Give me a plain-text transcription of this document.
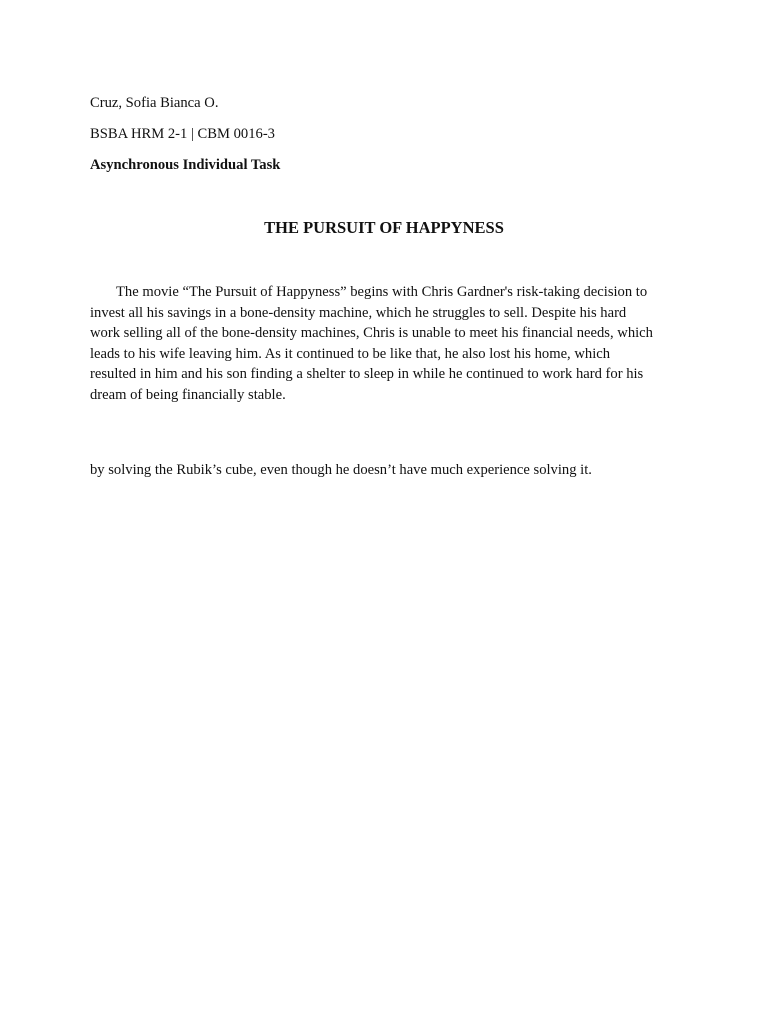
Cruz, Sofia Bianca O.
BSBA HRM 2-1 | CBM 0016-3
Asynchronous Individual Task
THE PURSUIT OF HAPPYNESS
The movie “The Pursuit of Happyness” begins with Chris Gardner's risk-taking decision to
invest all his savings in a bone-density machine, which he struggles to sell. Despite his hard
work selling all of the bone-density machines, Chris is unable to meet his financial needs, which
leads to his wife leaving him. As it continued to be like that, he also lost his home, which
resulted in him and his son finding a shelter to sleep in while he continued to work hard for his
dream of being financially stable.
by solving the Rubik’s cube, even though he doesn’t have much experience solving it.
